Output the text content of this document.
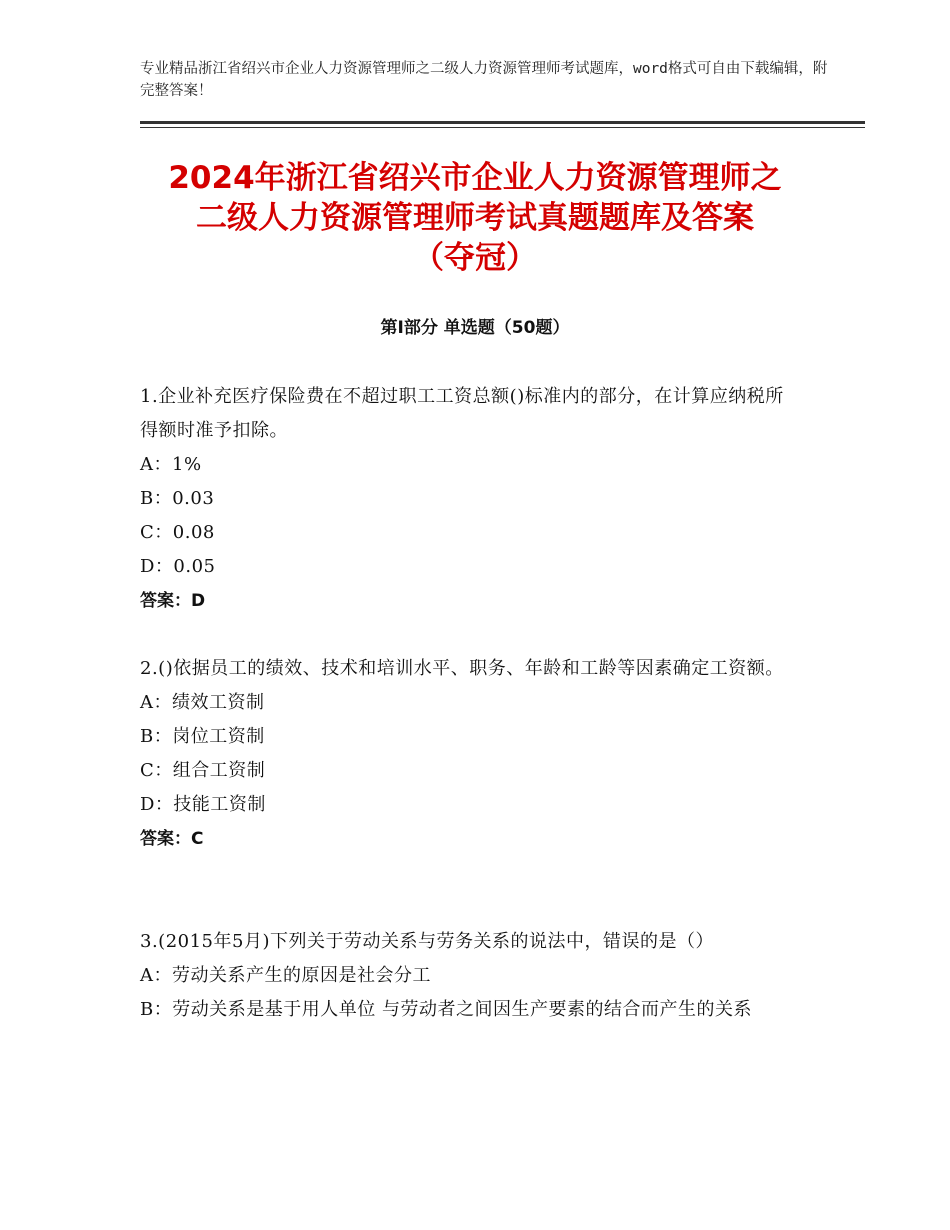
专业精品浙江省绍兴市企业人力资源管理师之二级人力资源管理师考试题库，word格式可自由下载编辑，附完整答案！
2024年浙江省绍兴市企业人力资源管理师之
二级人力资源管理师考试真题题库及答案
（夺冠）
第Ⅰ部分 单选题（50题）
1.企业补充医疗保险费在不超过职工工资总额()标准内的部分，在计算应纳税所得额时准予扣除。
A：1%
B：0.03
C：0.08
D：0.05
答案：D
2.()依据员工的绩效、技术和培训水平、职务、年龄和工龄等因素确定工资额。
A：绩效工资制
B：岗位工资制
C：组合工资制
D：技能工资制
答案：C
3.(2015年5月)下列关于劳动关系与劳务关系的说法中，错误的是（）
A：劳动关系产生的原因是社会分工
B：劳动关系是基于用人单位 与劳动者之间因生产要素的结合而产生的关系
